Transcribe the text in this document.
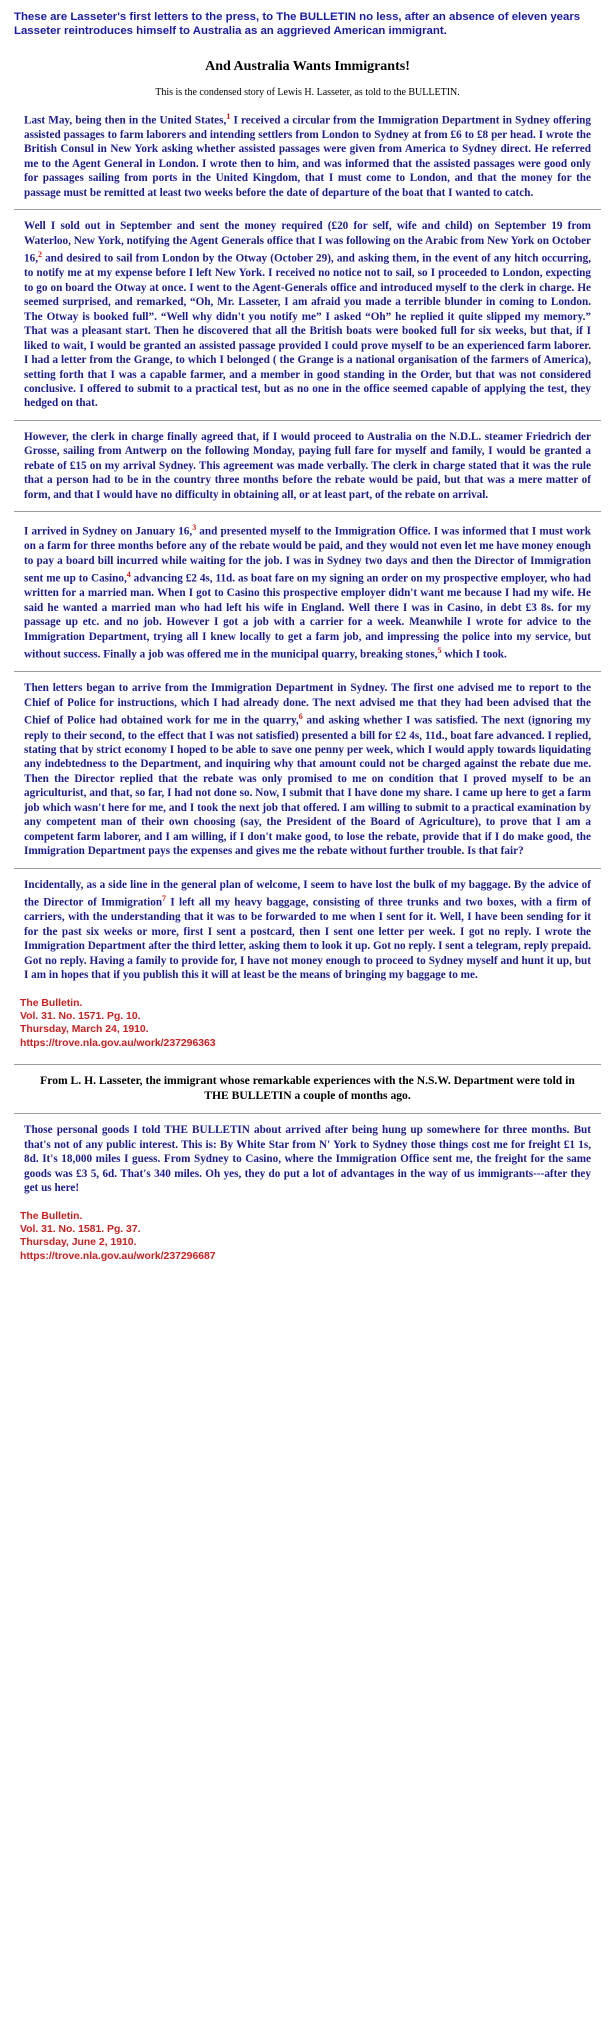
These are Lasseter's first letters to the press, to The BULLETIN no less, after an absence of eleven years Lasseter reintroduces himself to Australia as an aggrieved American immigrant.
And Australia Wants Immigrants!
This is the condensed story of Lewis H. Lasseter, as told to the BULLETIN.

Last May, being then in the United States,$^1$ I received a circular from the Immigration Department in Sydney offering assisted passages to farm laborers and intending settlers from London to Sydney at from £6 to £8 per head. I wrote the British Consul in New York asking whether assisted passages were given from America to Sydney direct. He referred me to the Agent General in London. I wrote then to him, and was informed that the assisted passages were good only for passages sailing from ports in the United Kingdom, that I must come to London, and that the money for the passage must be remitted at least two weeks before the date of departure of the boat that I wanted to catch.

Well I sold out in September and sent the money required (£20 for self, wife and child) on September 19 from Waterloo, New York, notifying the Agent Generals office that I was following on the Arabic from New York on October 16,$^2$ and desired to sail from London by the Otway (October 29), and asking them, in the event of any hitch occurring, to notify me at my expense before I left New York. I received no notice not to sail, so I proceeded to London, expecting to go on board the Otway at once. I went to the Agent-Generals office and introduced myself to the clerk in charge. He seemed surprised, and remarked, “Oh, Mr. Lasseter, I am afraid you made a terrible blunder in coming to London. The Otway is booked full”. “Well why didn't you notify me” I asked “Oh” he replied it quite slipped my memory.” That was a pleasant start. Then he discovered that all the British boats were booked full for six weeks, but that, if I liked to wait, I would be granted an assisted passage provided I could prove myself to be an experienced farm laborer. I had a letter from the Grange, to which I belonged ( the Grange is a national organisation of the farmers of America), setting forth that I was a capable farmer, and a member in good standing in the Order, but that was not considered conclusive. I offered to submit to a practical test, but as no one in the office seemed capable of applying the test, they hedged on that.

However, the clerk in charge finally agreed that, if I would proceed to Australia on the N.D.L. steamer Friedrich der Grosse, sailing from Antwerp on the following Monday, paying full fare for myself and family, I would be granted a rebate of £15 on my arrival Sydney. This agreement was made verbally. The clerk in charge stated that it was the rule that a person had to be in the country three months before the rebate would be paid, but that was a mere matter of form, and that I would have no difficulty in obtaining all, or at least part, of the rebate on arrival.

I arrived in Sydney on January 16,$^3$ and presented myself to the Immigration Office. I was informed that I must work on a farm for three months before any of the rebate would be paid, and they would not even let me have money enough to pay a board bill incurred while waiting for the job. I was in Sydney two days and then the Director of Immigration sent me up to Casino,$^4$ advancing £2 4s, 11d. as boat fare on my signing an order on my prospective employer, who had written for a married man. When I got to Casino this prospective employer didn't want me because I had my wife. He said he wanted a married man who had left his wife in England. Well there I was in Casino, in debt £3 8s. for my passage up etc. and no job. However I got a job with a carrier for a week. Meanwhile I wrote for advice to the Immigration Department, trying all I knew locally to get a farm job, and impressing the police into my service, but without success. Finally a job was offered me in the municipal quarry, breaking stones,$^5$ which I took.

Then letters began to arrive from the Immigration Department in Sydney. The first one advised me to report to the Chief of Police for instructions, which I had already done. The next advised me that they had been advised that the Chief of Police had obtained work for me in the quarry,$^6$ and asking whether I was satisfied. The next (ignoring my reply to their second, to the effect that I was not satisfied) presented a bill for £2 4s, 11d., boat fare advanced. I replied, stating that by strict economy I hoped to be able to save one penny per week, which I would apply towards liquidating any indebtedness to the Department, and inquiring why that amount could not be charged against the rebate due me. Then the Director replied that the rebate was only promised to me on condition that I proved myself to be an agriculturist, and that, so far, I had not done so. Now, I submit that I have done my share. I came up here to get a farm job which wasn't here for me, and I took the next job that offered. I am willing to submit to a practical examination by any competent man of their own choosing (say, the President of the Board of Agriculture), to prove that I am a competent farm laborer, and I am willing, if I don't make good, to lose the rebate, provide that if I do make good, the Immigration Department pays the expenses and gives me the rebate without further trouble. Is that fair?

Incidentally, as a side line in the general plan of welcome, I seem to have lost the bulk of my baggage. By the advice of the Director of Immigration$^7$ I left all my heavy baggage, consisting of three trunks and two boxes, with a firm of carriers, with the understanding that it was to be forwarded to me when I sent for it. Well, I have been sending for it for the past six weeks or more, first I sent a postcard, then I sent one letter per week. I got no reply. I wrote the Immigration Department after the third letter, asking them to look it up. Got no reply. I sent a telegram, reply prepaid. Got no reply. Having a family to provide for, I have not money enough to proceed to Sydney myself and hunt it up, but I am in hopes that if you publish this it will at least be the means of bringing my baggage to me.

The Bulletin.
Vol. 31. No. 1571. Pg. 10.
Thursday, March 24, 1910.
https://trove.nla.gov.au/work/237296363
From L. H. Lasseter, the immigrant whose remarkable experiences with the N.S.W. Department were told in THE BULLETIN a couple of months ago.

Those personal goods I told THE BULLETIN about arrived after being hung up somewhere for three months. But that's not of any public interest. This is: By White Star from N' York to Sydney those things cost me for freight £1 1s, 8d. It's 18,000 miles I guess. From Sydney to Casino, where the Immigration Office sent me, the freight for the same goods was £3 5, 6d. That's 340 miles. Oh yes, they do put a lot of advantages in the way of us immigrants---after they get us here!

The Bulletin.
Vol. 31. No. 1581. Pg. 37.
Thursday, June 2, 1910.
https://trove.nla.gov.au/work/237296687
